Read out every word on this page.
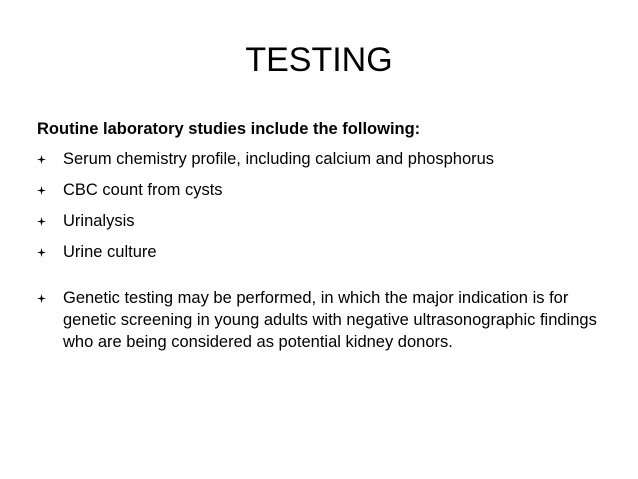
TESTING
Routine laboratory studies include the following:
Serum chemistry profile, including calcium and phosphorus
CBC count from cysts
Urinalysis
Urine culture
Genetic testing may be performed, in which the major indication is for genetic screening in young adults with negative ultrasonographic findings who are being considered as potential kidney donors.
